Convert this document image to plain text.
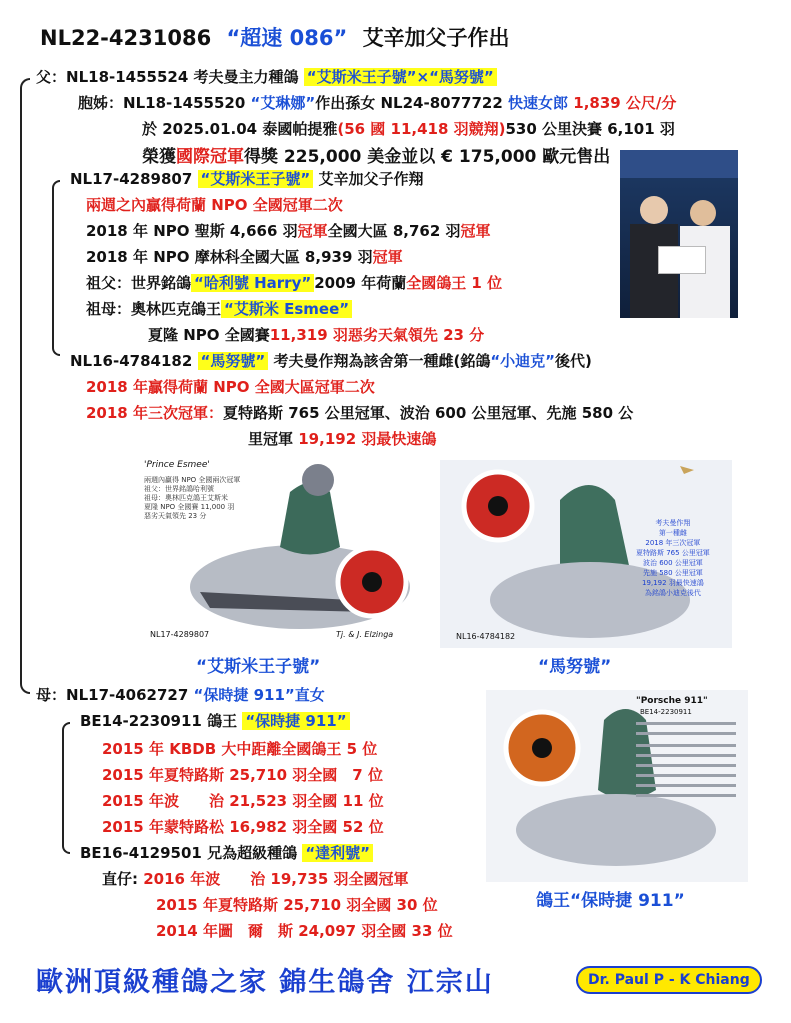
NL22-4231086 “超速 086” 艾辛加父子作出
父：NL18-1455524 考夫曼主力種鴿 “艾斯米王子號”×“馬努號”
胞姊：NL18-1455520 “艾琳娜”作出孫女 NL24-8077722 快速女郎 1,839 公尺/分
於 2025.01.04 泰國帕提雅(56 國 11,418 羽競翔)530 公里決賽 6,101 羽
榮獲國際冠軍得獎 225,000 美金並以 € 175,000 歐元售出
NL17-4289807 “艾斯米王子號” 艾辛加父子作翔
兩週之內贏得荷蘭 NPO 全國冠軍二次
2018 年 NPO 聖斯 4,666 羽冠軍全國大區 8,762 羽冠軍
2018 年 NPO 摩林科全國大區 8,939 羽冠軍
祖父：世界銘鴿 “哈利號 Harry” 2009 年荷蘭全國鴿王 1 位
祖母：奧林匹克鴿王 “艾斯米 Esmee”
夏隆 NPO 全國賽11,319 羽惡劣天氣領先 23 分
NL16-4784182 “馬努號” 考夫曼作翔為該舍第一種雌(銘鴿“小迪克”後代)
2018 年贏得荷蘭 NPO 全國大區冠軍二次
2018 年三次冠軍：夏特路斯 765 公里冠軍、波治 600 公里冠軍、先施 580 公
里冠軍 19,192 羽最快速鴿
'Prince Esmee'
兩週內贏得 NPO 全國兩次冠軍
祖父：世界銘鴿哈利號
祖母：奧林匹克鴿王艾斯米
夏隆 NPO 全國賽 11,000 羽
惡劣天氣領先 23 分
NL17-4289807	Tj. & J. Elzinga
“艾斯米王子號”
考夫曼作翔
第一種雌
2018 年三次冠軍
夏特路斯 765 公里冠軍
波治 600 公里冠軍
先施 580 公里冠軍
19,192 羽最快速鴿
為銘鴿小迪克後代
NL16-4784182
“馬努號”
母：NL17-4062727 “保時捷 911”直女
BE14-2230911 鴿王 “保時捷 911”
2015 年 KBDB 大中距離全國鴿王 5 位
2015 年夏特路斯 25,710 羽全國　7 位
2015 年波　　治 21,523 羽全國 11 位
2015 年蒙特路松 16,982 羽全國 52 位
BE16-4129501 兄為超級種鴿 “達利號”
直仔: 2016 年波　　治 19,735 羽全國冠軍
2015 年夏特路斯 25,710 羽全國 30 位
2014 年圖　爾　斯 24,097 羽全國 33 位
"Porsche 911"
BE14-2230911
鴿王“保時捷 911”
歐洲頂級種鴿之家 錦生鴿舍 江宗山	Dr. Paul P - K Chiang
